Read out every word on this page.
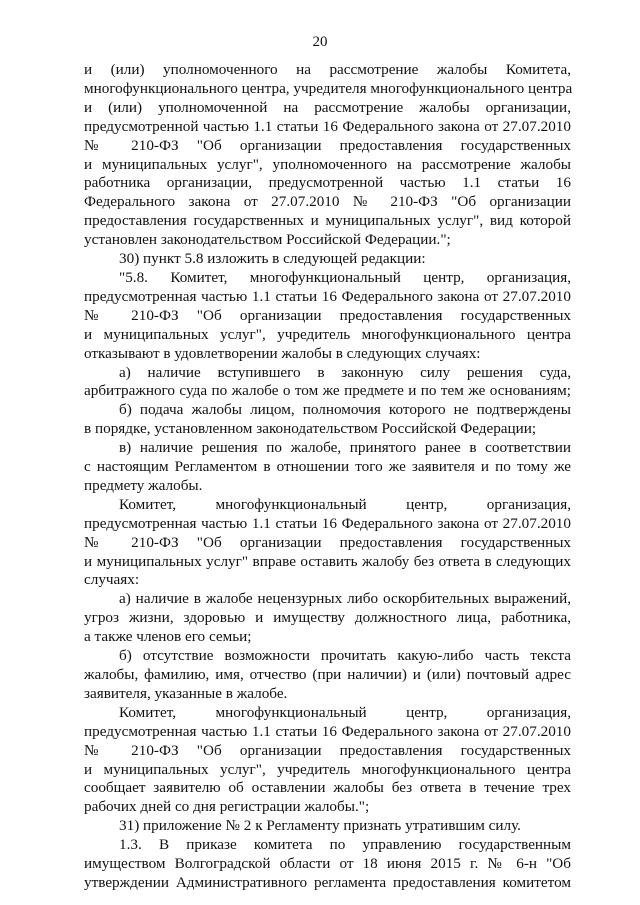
20
и (или) уполномоченного на рассмотрение жалобы Комитета,
многофункционального центра, учредителя многофункционального центра
и (или) уполномоченной на рассмотрение жалобы организации,
предусмотренной частью 1.1 статьи 16 Федерального закона от 27.07.2010
№ 210-ФЗ "Об организации предоставления государственных
и муниципальных услуг", уполномоченного на рассмотрение жалобы
работника организации, предусмотренной частью 1.1 статьи 16
Федерального закона от 27.07.2010 № 210-ФЗ "Об организации
предоставления государственных и муниципальных услуг", вид которой
установлен законодательством Российской Федерации.";
30) пункт 5.8 изложить в следующей редакции:
"5.8. Комитет, многофункциональный центр, организация,
предусмотренная частью 1.1 статьи 16 Федерального закона от 27.07.2010
№ 210-ФЗ "Об организации предоставления государственных
и муниципальных услуг", учредитель многофункционального центра
отказывают в удовлетворении жалобы в следующих случаях:
а) наличие вступившего в законную силу решения суда,
арбитражного суда по жалобе о том же предмете и по тем же основаниям;
б) подача жалобы лицом, полномочия которого не подтверждены
в порядке, установленном законодательством Российской Федерации;
в) наличие решения по жалобе, принятого ранее в соответствии
с настоящим Регламентом в отношении того же заявителя и по тому же
предмету жалобы.
Комитет, многофункциональный центр, организация,
предусмотренная частью 1.1 статьи 16 Федерального закона от 27.07.2010
№ 210-ФЗ "Об организации предоставления государственных
и муниципальных услуг" вправе оставить жалобу без ответа в следующих
случаях:
а) наличие в жалобе нецензурных либо оскорбительных выражений,
угроз жизни, здоровью и имуществу должностного лица, работника,
а также членов его семьи;
б) отсутствие возможности прочитать какую-либо часть текста
жалобы, фамилию, имя, отчество (при наличии) и (или) почтовый адрес
заявителя, указанные в жалобе.
Комитет, многофункциональный центр, организация,
предусмотренная частью 1.1 статьи 16 Федерального закона от 27.07.2010
№ 210-ФЗ "Об организации предоставления государственных
и муниципальных услуг", учредитель многофункционального центра
сообщает заявителю об оставлении жалобы без ответа в течение трех
рабочих дней со дня регистрации жалобы.";
31) приложение № 2 к Регламенту признать утратившим силу.
1.3. В приказе комитета по управлению государственным
имуществом Волгоградской области от 18 июня 2015 г. № 6-н "Об
утверждении Административного регламента предоставления комитетом
